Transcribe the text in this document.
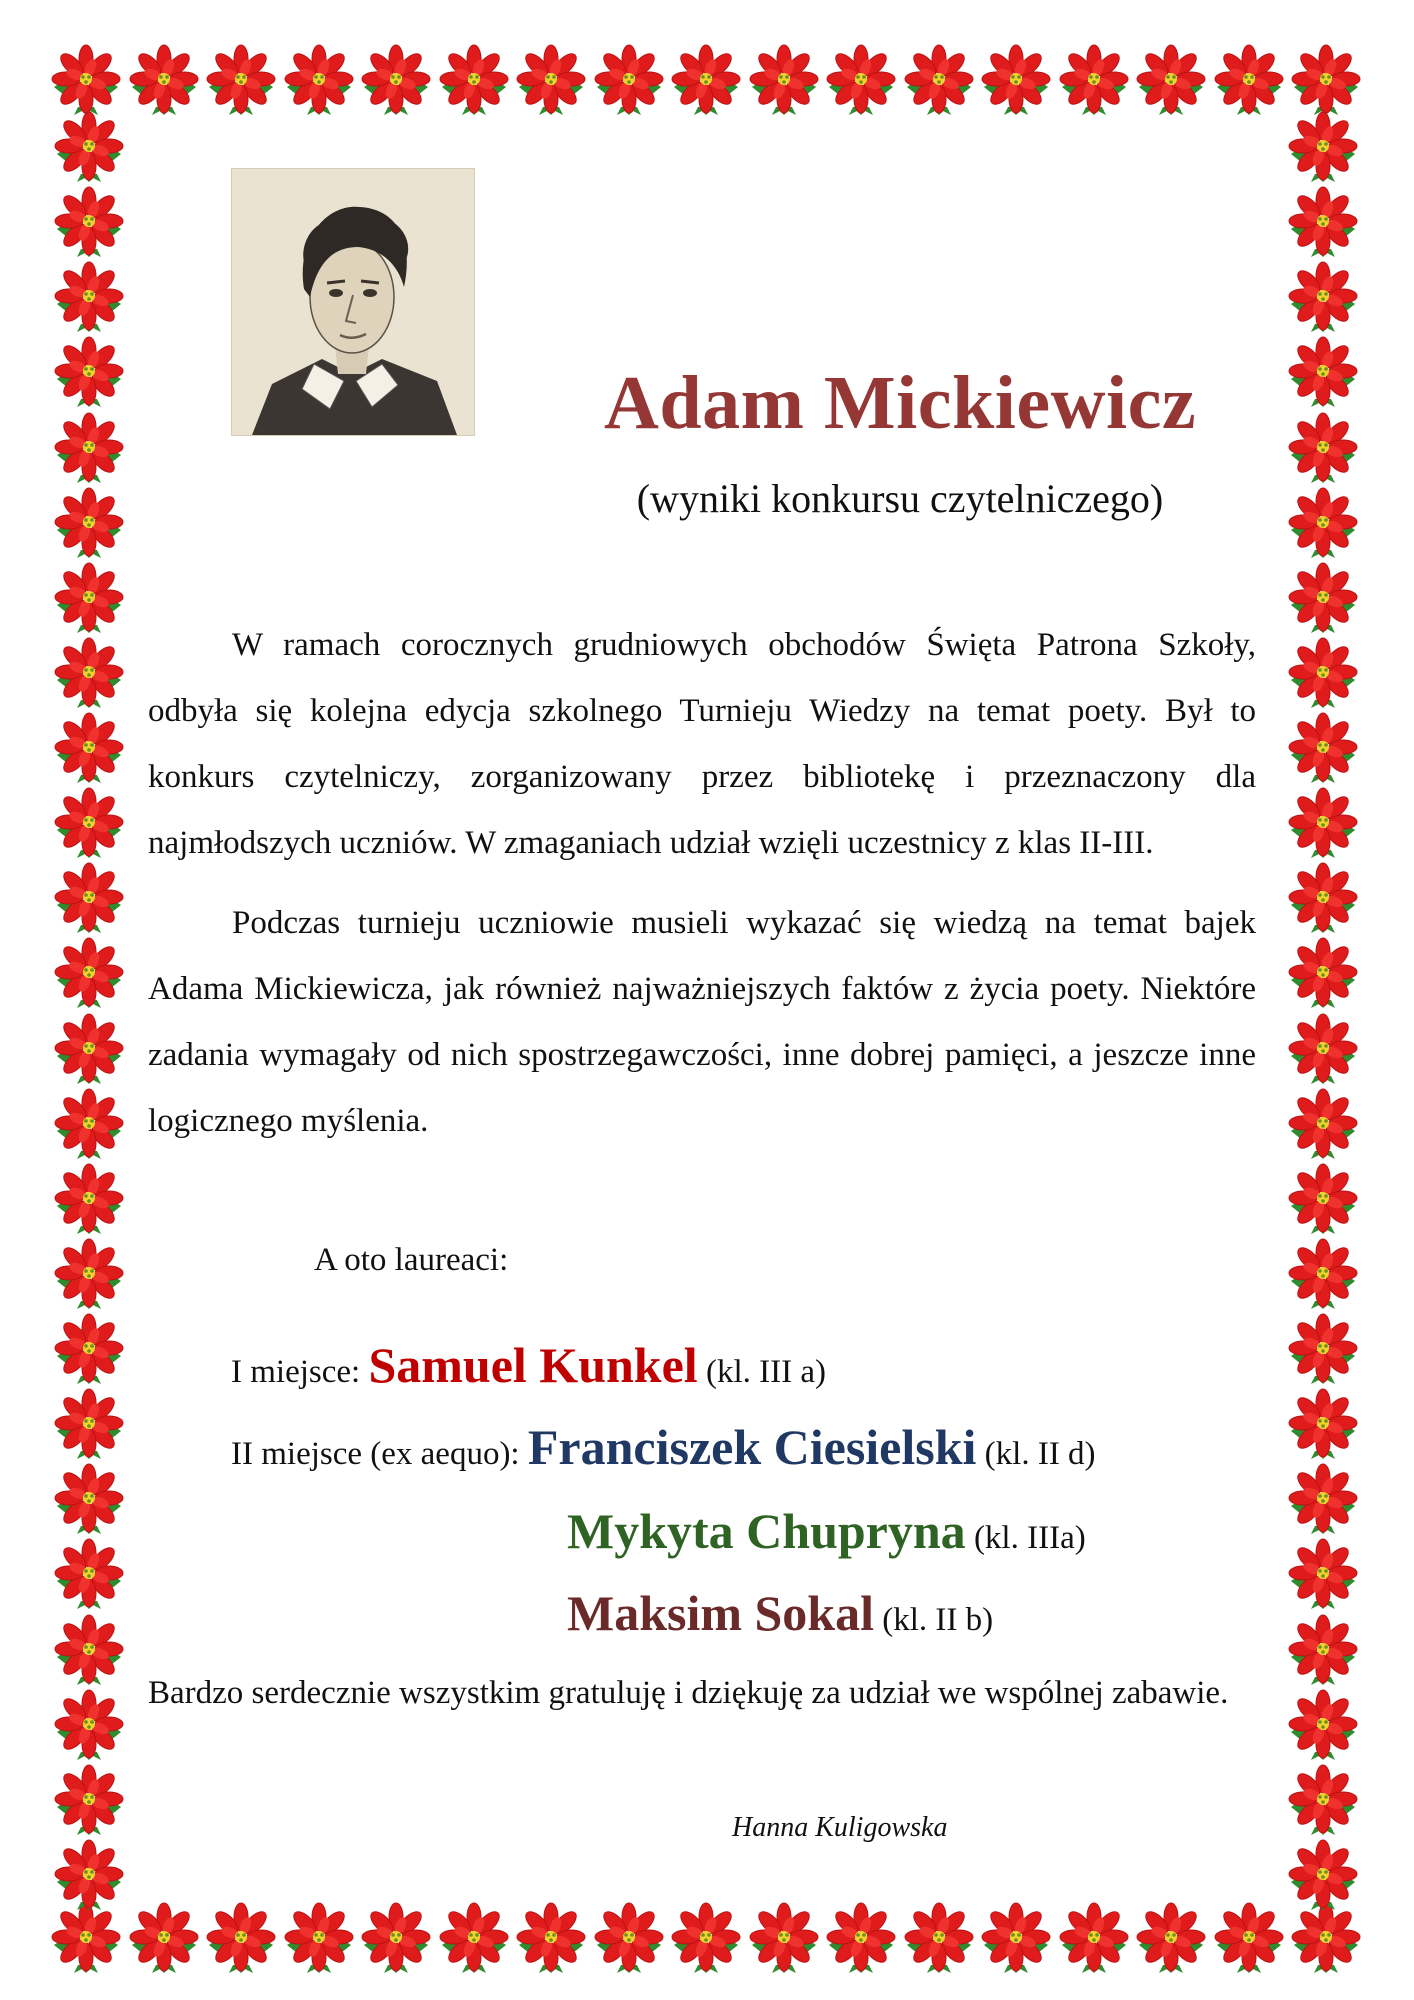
Adam Mickiewicz
(wyniki konkursu czytelniczego)

W ramach corocznych grudniowych obchodów Święta Patrona Szkoły, odbyła się kolejna edycja szkolnego Turnieju Wiedzy na temat poety. Był to konkurs czytelniczy, zorganizowany przez bibliotekę i przeznaczony dla najmłodszych uczniów. W zmaganiach udział wzięli uczestnicy z klas II-III.

Podczas turnieju uczniowie musieli wykazać się wiedzą na temat bajek Adama Mickiewicza, jak również najważniejszych faktów z życia poety. Niektóre zadania wymagały od nich spostrzegawczości, inne dobrej pamięci, a jeszcze inne logicznego myślenia.

A oto laureaci:
I miejsce: Samuel Kunkel (kl. III a)
II miejsce (ex aequo): Franciszek Ciesielski (kl. II d)
Mykyta Chupryna (kl. IIIa)
Maksim Sokal (kl. II b)
Bardzo serdecznie wszystkim gratuluję i dziękuję za udział we wspólnej zabawie.
Hanna Kuligowska
